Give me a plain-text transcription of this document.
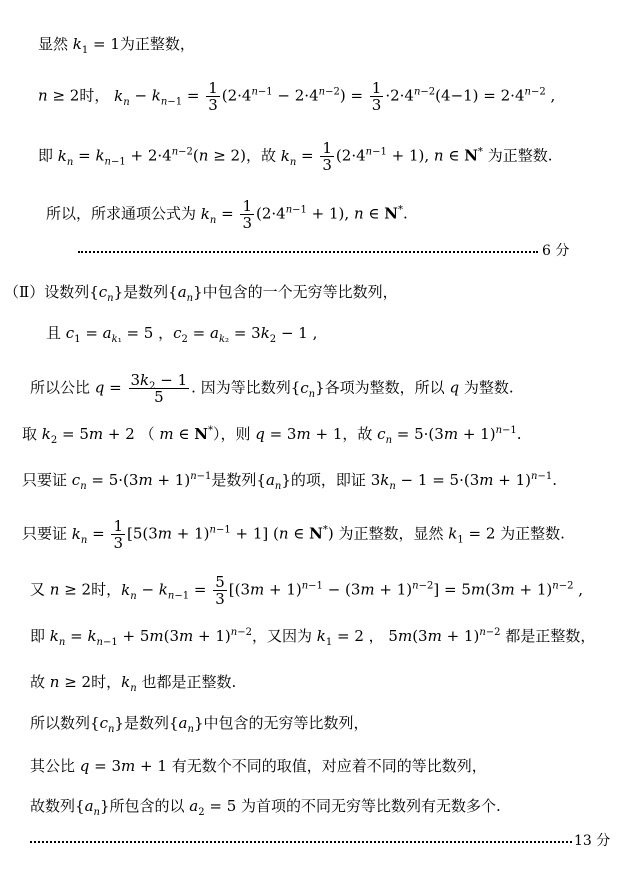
显然 $k_1 = 1$为正整数，
n ≥ 2时， $k_n - k_{n-1} = \frac{1}{3} (2\cdot 4^{n-1} - 2\cdot 4^{n-2}) = \frac{1}{3} \cdot 2\cdot 4^{n-2}(4-1) = 2\cdot 4^{n-2}$ ,
即 $k_n = k_{n-1} + 2\cdot 4^{n-2}(n \ge 2)$，故 $k_n = \frac{1}{3} (2\cdot 4^{n-1} + 1)$, n ∈ N* 为正整数.
所以，所求通项公式为 $k_n = \frac{1}{3} (2\cdot 4^{n-1} + 1)$, n ∈ N*.
6 分
（Ⅱ）设数列$\{c_n\}$是数列$\{a_n\}$中包含的一个无穷等比数列，
且 $c_1 = a_{k_1} = 5$ ，$c_2 = a_{k_2} = 3k_2 - 1$ ,
所以公比 $q = \frac{3k_2 - 1}{5}$ . 因为等比数列$\{c_n\}$各项为整数，所以 q 为整数.
取 $k_2 = 5m + 2$ （ m ∈ N*），则 q = 3m + 1，故 $c_n = 5\cdot(3m + 1)^{n-1}$.
只要证 $c_n = 5\cdot(3m + 1)^{n-1}$是数列$\{a_n\}$的项，即证 $3k_n - 1 = 5\cdot(3m + 1)^{n-1}$.
只要证 $k_n = \frac{1}{3} [5(3m + 1)^{n-1} + 1]$ (n ∈ N*) 为正整数，显然 $k_1 = 2$ 为正整数.
又 n ≥ 2时，$k_n - k_{n-1} = \frac{5}{3} [(3m + 1)^{n-1} - (3m + 1)^{n-2}] = 5m(3m + 1)^{n-2}$ ,
即 $k_n = k_{n-1} + 5m(3m + 1)^{n-2}$，又因为 $k_1 = 2$ ， $5m(3m + 1)^{n-2}$ 都是正整数，
故 n ≥ 2时，$k_n$ 也都是正整数.
所以数列$\{c_n\}$是数列$\{a_n\}$中包含的无穷等比数列，
其公比 q = 3m + 1 有无数个不同的取值，对应着不同的等比数列，
故数列$\{a_n\}$所包含的以 $a_2 = 5$ 为首项的不同无穷等比数列有无数多个.
13 分
